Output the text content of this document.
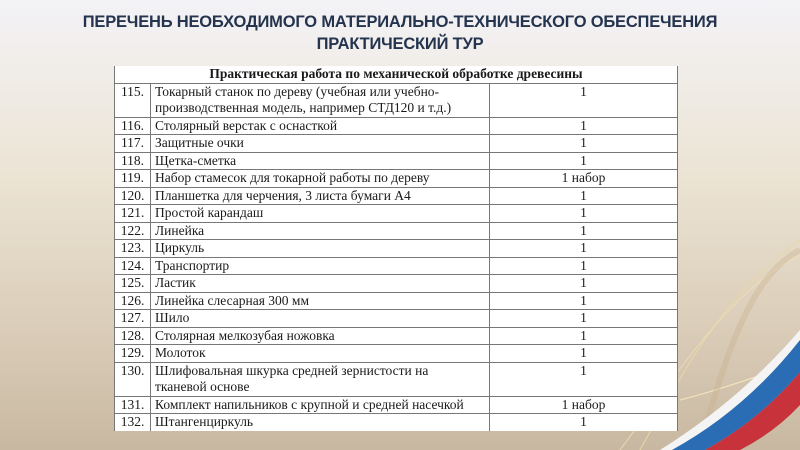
ПЕРЕЧЕНЬ НЕОБХОДИМОГО МАТЕРИАЛЬНО-ТЕХНИЧЕСКОГО ОБЕСПЕЧЕНИЯ
ПРАКТИЧЕСКИЙ ТУР
Практическая работа по механической обработке древесины		
115.	Токарный станок по дереву (учебная или учебно-
производственная модель, например СТД120 и т.д.)	1
116.	Столярный верстак с оснасткой	1
117.	Защитные очки	1
118.	Щетка-сметка	1
119.	Набор стамесок для токарной работы по дереву	1 набор
120.	Планшетка для черчения, 3 листа бумаги А4	1
121.	Простой карандаш	1
122.	Линейка	1
123.	Циркуль	1
124.	Транспортир	1
125.	Ластик	1
126.	Линейка слесарная 300 мм	1
127.	Шило	1
128.	Столярная мелкозубая ножовка	1
129.	Молоток	1
130.	Шлифовальная шкурка средней зернистости на
тканевой основе	1
131.	Комплект напильников с крупной и средней насечкой	1 набор
132.	Штангенциркуль	1
